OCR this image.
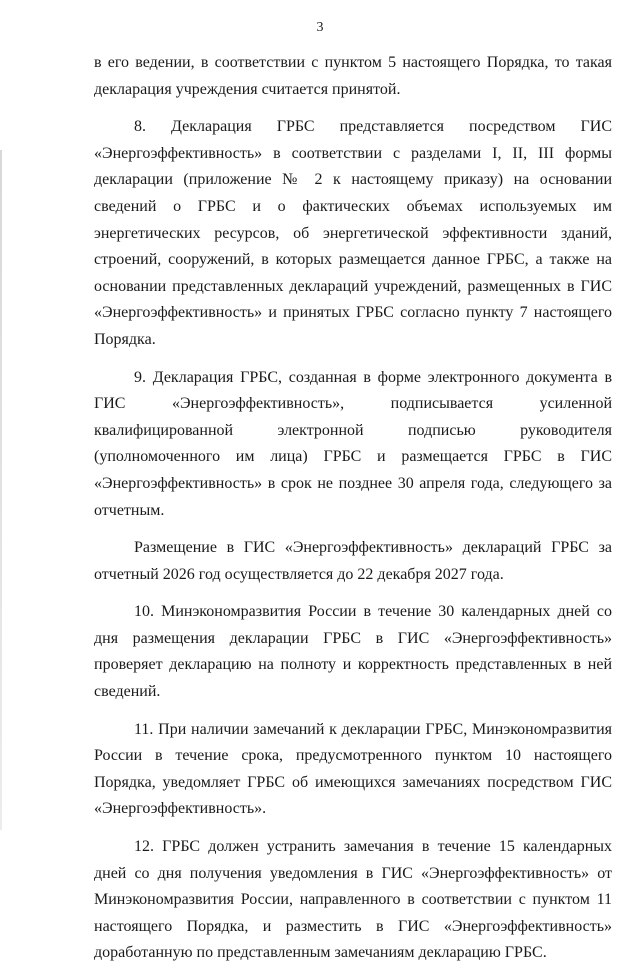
3

в его ведении, в соответствии с пунктом 5 настоящего Порядка, то такая декларация учреждения считается принятой.

8. Декларация ГРБС представляется посредством ГИС «Энергоэффективность» в соответствии с разделами I, II, III формы декларации (приложение № 2 к настоящему приказу) на основании сведений о ГРБС и о фактических объемах используемых им энергетических ресурсов, об энергетической эффективности зданий, строений, сооружений, в которых размещается данное ГРБС, а также на основании представленных деклараций учреждений, размещенных в ГИС «Энергоэффективность» и принятых ГРБС согласно пункту 7 настоящего Порядка.

9. Декларация ГРБС, созданная в форме электронного документа в ГИС «Энергоэффективность», подписывается усиленной квалифицированной электронной подписью руководителя (уполномоченного им лица) ГРБС и размещается ГРБС в ГИС «Энергоэффективность» в срок не позднее 30 апреля года, следующего за отчетным.

Размещение в ГИС «Энергоэффективность» деклараций ГРБС за отчетный 2026 год осуществляется до 22 декабря 2027 года.

10. Минэкономразвития России в течение 30 календарных дней со дня размещения декларации ГРБС в ГИС «Энергоэффективность» проверяет декларацию на полноту и корректность представленных в ней сведений.

11. При наличии замечаний к декларации ГРБС, Минэкономразвития России в течение срока, предусмотренного пунктом 10 настоящего Порядка, уведомляет ГРБС об имеющихся замечаниях посредством ГИС «Энергоэффективность».

12. ГРБС должен устранить замечания в течение 15 календарных дней со дня получения уведомления в ГИС «Энергоэффективность» от Минэкономразвития России, направленного в соответствии с пунктом 11 настоящего Порядка, и разместить в ГИС «Энергоэффективность» доработанную по представленным замечаниям декларацию ГРБС.
